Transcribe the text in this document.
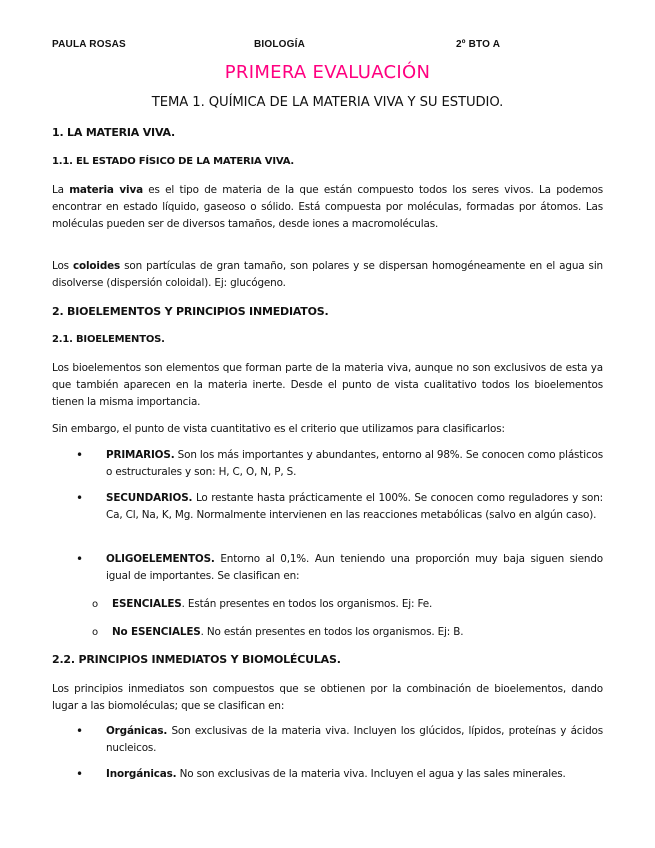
PAULA ROSAS	BIOLOGÍA	2º BTO A
PRIMERA EVALUACIÓN
TEMA 1. QUÍMICA DE LA MATERIA VIVA Y SU ESTUDIO.
1. LA MATERIA VIVA.
1.1. EL ESTADO FÍSICO DE LA MATERIA VIVA.
La materia viva es el tipo de materia de la que están compuesto todos los seres vivos. La podemos encontrar en estado líquido, gaseoso o sólido. Está compuesta por moléculas, formadas por átomos. Las moléculas pueden ser de diversos tamaños, desde iones a macromoléculas.
Los coloides son partículas de gran tamaño, son polares y se dispersan homogéneamente en el agua sin disolverse (dispersión coloidal). Ej: glucógeno.
2. BIOELEMENTOS Y PRINCIPIOS INMEDIATOS.
2.1. BIOELEMENTOS.
Los bioelementos son elementos que forman parte de la materia viva, aunque no son exclusivos de esta ya que también aparecen en la materia inerte. Desde el punto de vista cualitativo todos los bioelementos tienen la misma importancia.
Sin embargo, el punto de vista cuantitativo es el criterio que utilizamos para clasificarlos:
•	PRIMARIOS. Son los más importantes y abundantes, entorno al 98%. Se conocen como plásticos o estructurales y son: H, C, O, N, P, S.
•	SECUNDARIOS. Lo restante hasta prácticamente el 100%. Se conocen como reguladores y son: Ca, Cl, Na, K, Mg. Normalmente intervienen en las reacciones metabólicas (salvo en algún caso).
•	OLIGOELEMENTOS. Entorno al 0,1%. Aun teniendo una proporción muy baja siguen siendo igual de importantes. Se clasifican en:
o	ESENCIALES. Están presentes en todos los organismos. Ej: Fe.
o	No ESENCIALES. No están presentes en todos los organismos. Ej: B.
2.2. PRINCIPIOS INMEDIATOS Y BIOMOLÉCULAS.
Los principios inmediatos son compuestos que se obtienen por la combinación de bioelementos, dando lugar a las biomoléculas; que se clasifican en:
•	Orgánicas. Son exclusivas de la materia viva. Incluyen los glúcidos, lípidos, proteínas y ácidos nucleicos.
•	Inorgánicas. No son exclusivas de la materia viva. Incluyen el agua y las sales minerales.
